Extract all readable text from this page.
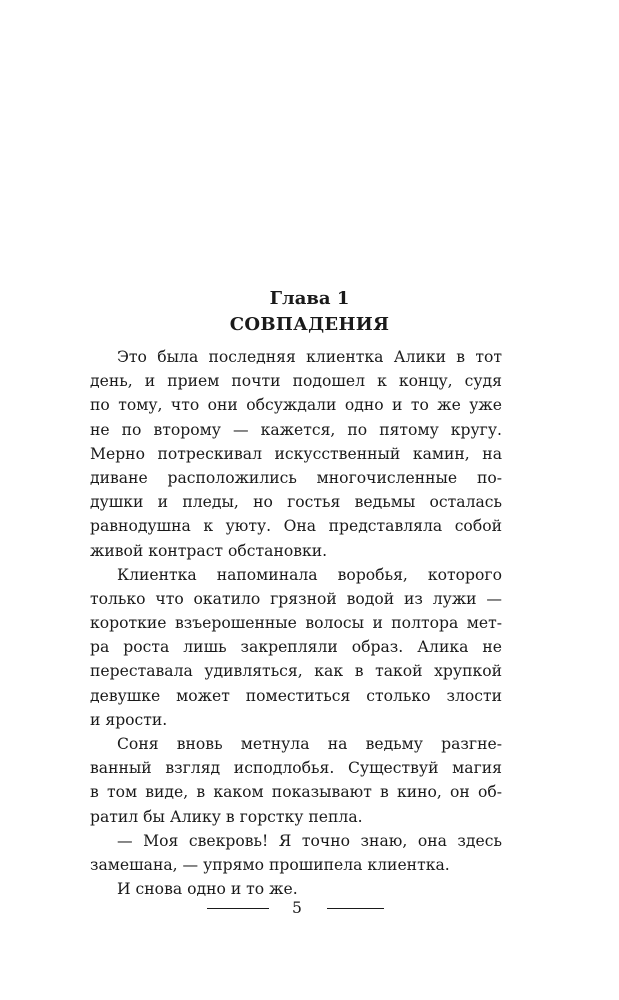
Глава 1
СОВПАДЕНИЯ
Это была последняя клиентка Алики в тот
день, и прием почти подошел к концу, судя
по тому, что они обсуждали одно и то же уже
не по второму — кажется, по пятому кругу.
Мерно потрескивал искусственный камин, на
диване расположились многочисленные по-
душки и пледы, но гостья ведьмы осталась
равнодушна к уюту. Она представляла собой
живой контраст обстановки.
Клиентка напоминала воробья, которого
только что окатило грязной водой из лужи —
короткие взъерошенные волосы и полтора мет-
ра роста лишь закрепляли образ. Алика не
переставала удивляться, как в такой хрупкой
девушке может поместиться столько злости
и ярости.
Соня вновь метнула на ведьму разгне-
ванный взгляд исподлобья. Существуй магия
в том виде, в каком показывают в кино, он об-
ратил бы Алику в горстку пепла.
— Моя свекровь! Я точно знаю, она здесь
замешана, — упрямо прошипела клиентка.
И снова одно и то же.
5
